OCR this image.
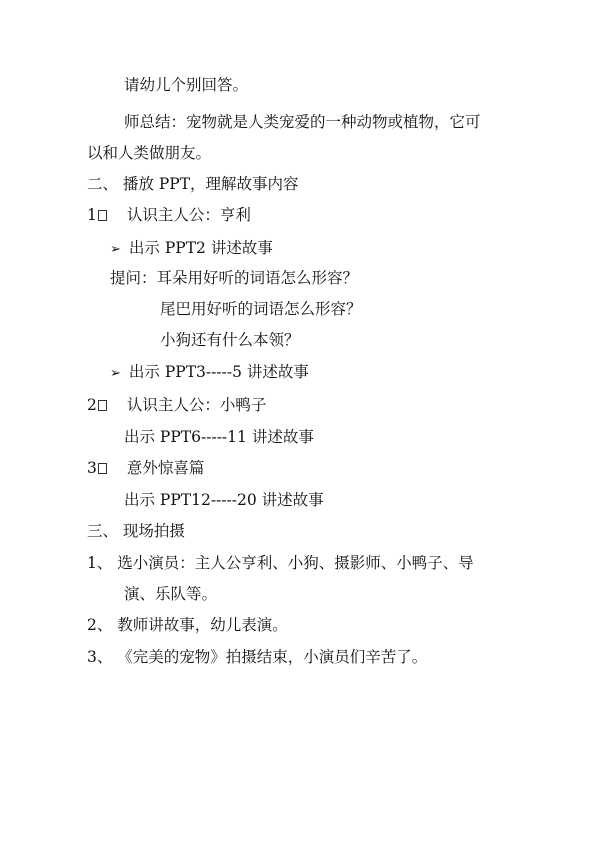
请幼儿个别回答。
师总结：宠物就是人类宠爱的一种动物或植物，它可
以和人类做朋友。
二、 播放 PPT，理解故事内容
1 认识主人公：亨利
➢ 出示 PPT2 讲述故事
提问：耳朵用好听的词语怎么形容？
尾巴用好听的词语怎么形容？
小狗还有什么本领？
➢ 出示 PPT3-----5 讲述故事
2 认识主人公：小鸭子
出示 PPT6-----11 讲述故事
3 意外惊喜篇
出示 PPT12-----20 讲述故事
三、 现场拍摄
1、 选小演员：主人公亨利、小狗、摄影师、小鸭子、导
演、乐队等。
2、 教师讲故事，幼儿表演。
3、 《完美的宠物》拍摄结束，小演员们辛苦了。
